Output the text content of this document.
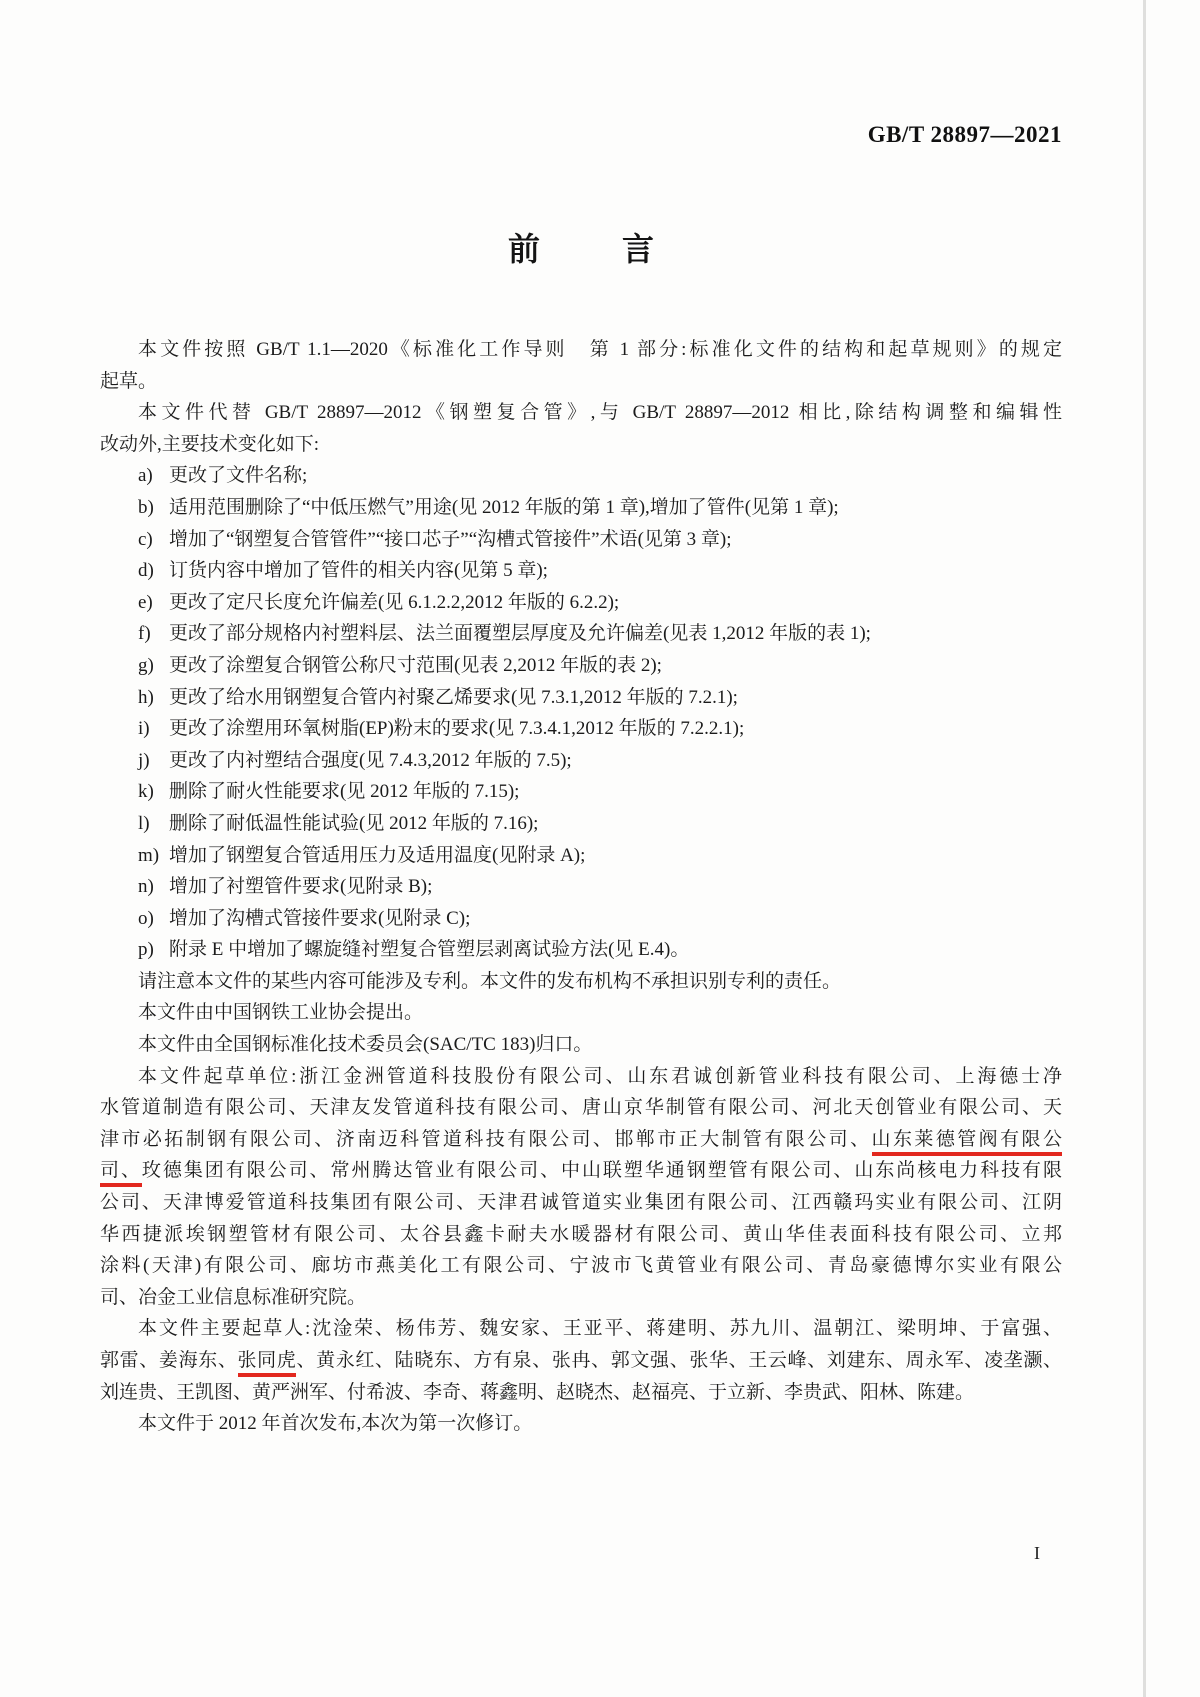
GB/T 28897—2021
前　　言
本文件按照 GB/T 1.1—2020《标准化工作导则　第 1 部分:标准化文件的结构和起草规则》的规定
起草。
本文件代替 GB/T 28897—2012《钢塑复合管》,与 GB/T 28897—2012 相比,除结构调整和编辑性
改动外,主要技术变化如下:
a) 更改了文件名称;
b) 适用范围删除了“中低压燃气”用途(见 2012 年版的第 1 章),增加了管件(见第 1 章);
c) 增加了“钢塑复合管管件”“接口芯子”“沟槽式管接件”术语(见第 3 章);
d) 订货内容中增加了管件的相关内容(见第 5 章);
e) 更改了定尺长度允许偏差(见 6.1.2.2,2012 年版的 6.2.2);
f) 更改了部分规格内衬塑料层、法兰面覆塑层厚度及允许偏差(见表 1,2012 年版的表 1);
g) 更改了涂塑复合钢管公称尺寸范围(见表 2,2012 年版的表 2);
h) 更改了给水用钢塑复合管内衬聚乙烯要求(见 7.3.1,2012 年版的 7.2.1);
i) 更改了涂塑用环氧树脂(EP)粉末的要求(见 7.3.4.1,2012 年版的 7.2.2.1);
j) 更改了内衬塑结合强度(见 7.4.3,2012 年版的 7.5);
k) 删除了耐火性能要求(见 2012 年版的 7.15);
l) 删除了耐低温性能试验(见 2012 年版的 7.16);
m) 增加了钢塑复合管适用压力及适用温度(见附录 A);
n) 增加了衬塑管件要求(见附录 B);
o) 增加了沟槽式管接件要求(见附录 C);
p) 附录 E 中增加了螺旋缝衬塑复合管塑层剥离试验方法(见 E.4)。
请注意本文件的某些内容可能涉及专利。本文件的发布机构不承担识别专利的责任。
本文件由中国钢铁工业协会提出。
本文件由全国钢标准化技术委员会(SAC/TC 183)归口。
本文件起草单位:浙江金洲管道科技股份有限公司、山东君诚创新管业科技有限公司、上海德士净
水管道制造有限公司、天津友发管道科技有限公司、唐山京华制管有限公司、河北天创管业有限公司、天
津市必拓制钢有限公司、济南迈科管道科技有限公司、邯郸市正大制管有限公司、山东莱德管阀有限公
司、玫德集团有限公司、常州腾达管业有限公司、中山联塑华通钢塑管有限公司、山东尚核电力科技有限
公司、天津博爱管道科技集团有限公司、天津君诚管道实业集团有限公司、江西赣玛实业有限公司、江阴
华西捷派埃钢塑管材有限公司、太谷县鑫卡耐夫水暖器材有限公司、黄山华佳表面科技有限公司、立邦
涂料(天津)有限公司、廊坊市燕美化工有限公司、宁波市飞黄管业有限公司、青岛豪德博尔实业有限公
司、冶金工业信息标准研究院。
本文件主要起草人:沈淦荣、杨伟芳、魏安家、王亚平、蒋建明、苏九川、温朝江、梁明坤、于富强、
郭雷、姜海东、张同虎、黄永红、陆晓东、方有泉、张冉、郭文强、张华、王云峰、刘建东、周永军、凌垄灏、
刘连贵、王凯图、黄严洲军、付希波、李奇、蒋鑫明、赵晓杰、赵福亮、于立新、李贵武、阳林、陈建。
本文件于 2012 年首次发布,本次为第一次修订。
I
